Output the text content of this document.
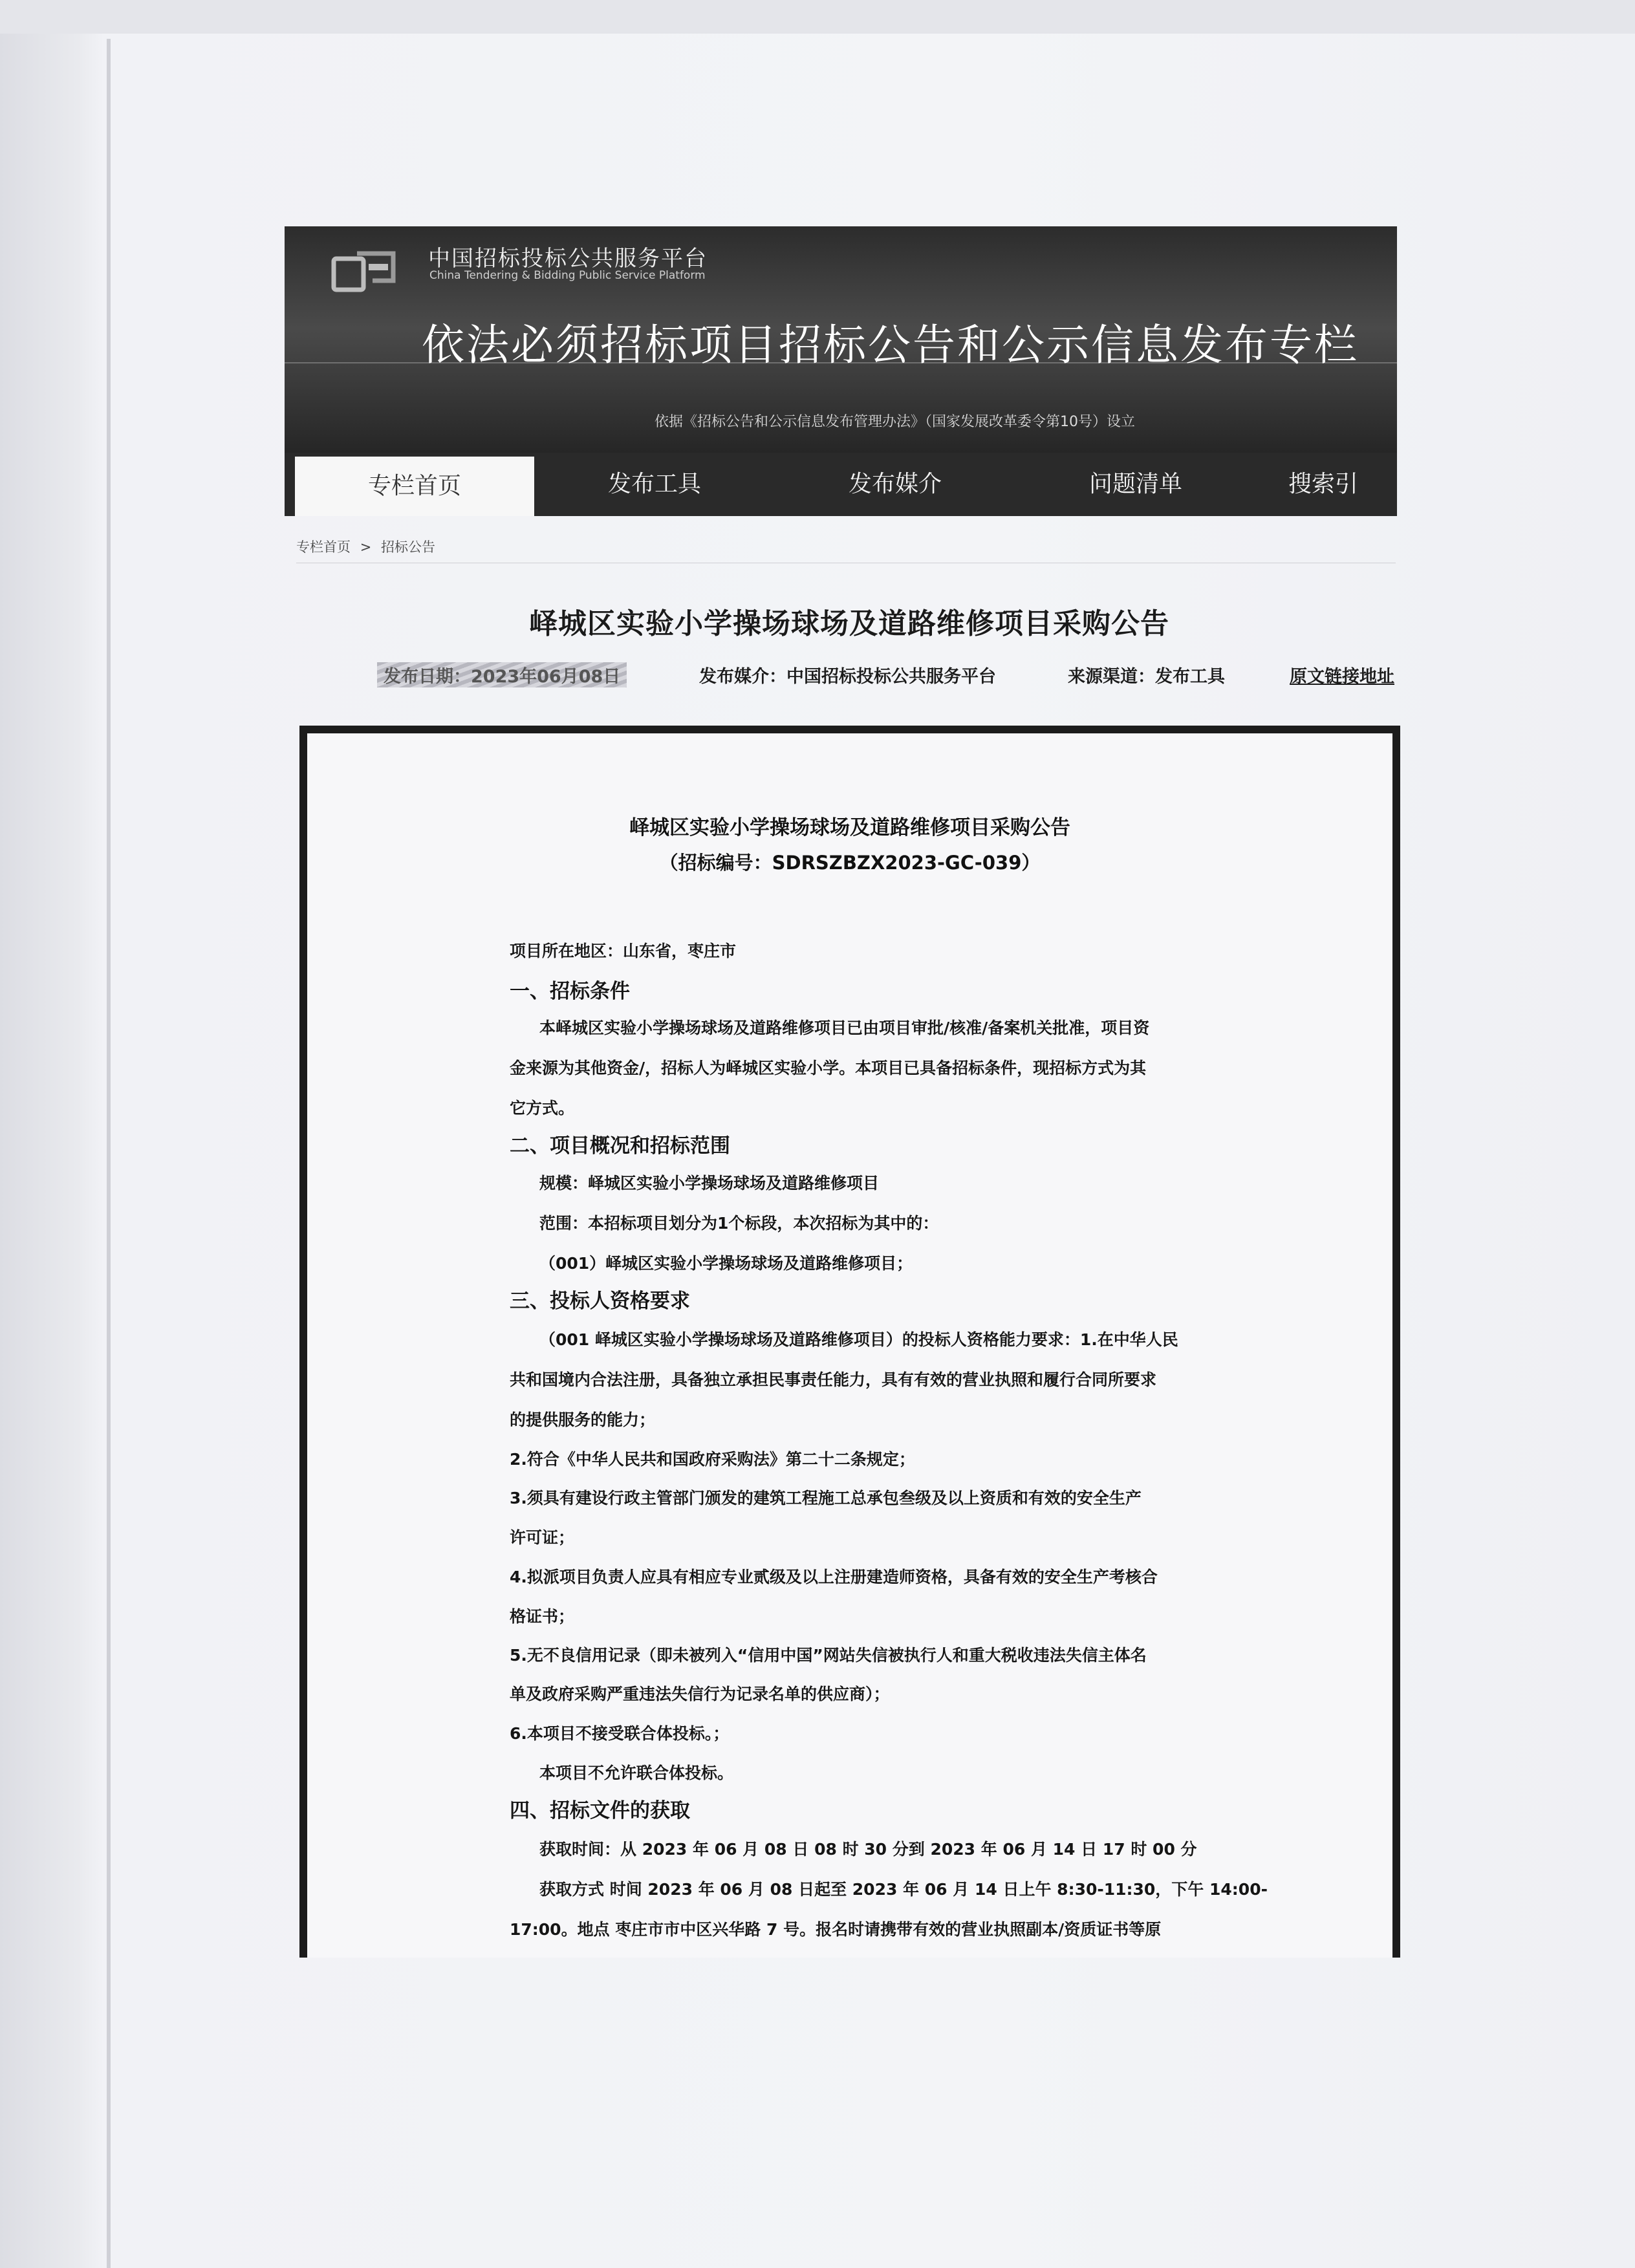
中国招标投标公共服务平台
China Tendering & Bidding Public Service Platform
依法必须招标项目招标公告和公示信息发布专栏
依据《招标公告和公示信息发布管理办法》（国家发展改革委令第10号）设立
专栏首页	发布工具	发布媒介	问题清单	搜索引
专栏首页 > 招标公告
峄城区实验小学操场球场及道路维修项目采购公告
发布日期：2023年06月08日	发布媒介：中国招标投标公共服务平台	来源渠道：发布工具	原文链接地址
峄城区实验小学操场球场及道路维修项目采购公告
（招标编号：SDRSZBZX2023-GC-039）
项目所在地区：山东省，枣庄市
一、招标条件
本峄城区实验小学操场球场及道路维修项目已由项目审批/核准/备案机关批准，项目资
金来源为其他资金/，招标人为峄城区实验小学。本项目已具备招标条件，现招标方式为其
它方式。
二、项目概况和招标范围
规模：峄城区实验小学操场球场及道路维修项目
范围：本招标项目划分为1个标段，本次招标为其中的：
（001）峄城区实验小学操场球场及道路维修项目；
三、投标人资格要求
（001 峄城区实验小学操场球场及道路维修项目）的投标人资格能力要求：1.在中华人民
共和国境内合法注册，具备独立承担民事责任能力，具有有效的营业执照和履行合同所要求
的提供服务的能力；
2.符合《中华人民共和国政府采购法》第二十二条规定；
3.须具有建设行政主管部门颁发的建筑工程施工总承包叁级及以上资质和有效的安全生产
许可证；
4.拟派项目负责人应具有相应专业贰级及以上注册建造师资格，具备有效的安全生产考核合
格证书；
5.无不良信用记录（即未被列入“信用中国”网站失信被执行人和重大税收违法失信主体名
单及政府采购严重违法失信行为记录名单的供应商）；
6.本项目不接受联合体投标。；
本项目不允许联合体投标。
四、招标文件的获取
获取时间：从 2023 年 06 月 08 日 08 时 30 分到 2023 年 06 月 14 日 17 时 00 分
获取方式 时间 2023 年 06 月 08 日起至 2023 年 06 月 14 日上午 8:30-11:30，下午 14:00-
17:00。地点 枣庄市市中区兴华路 7 号。报名时请携带有效的营业执照副本/资质证书等原
